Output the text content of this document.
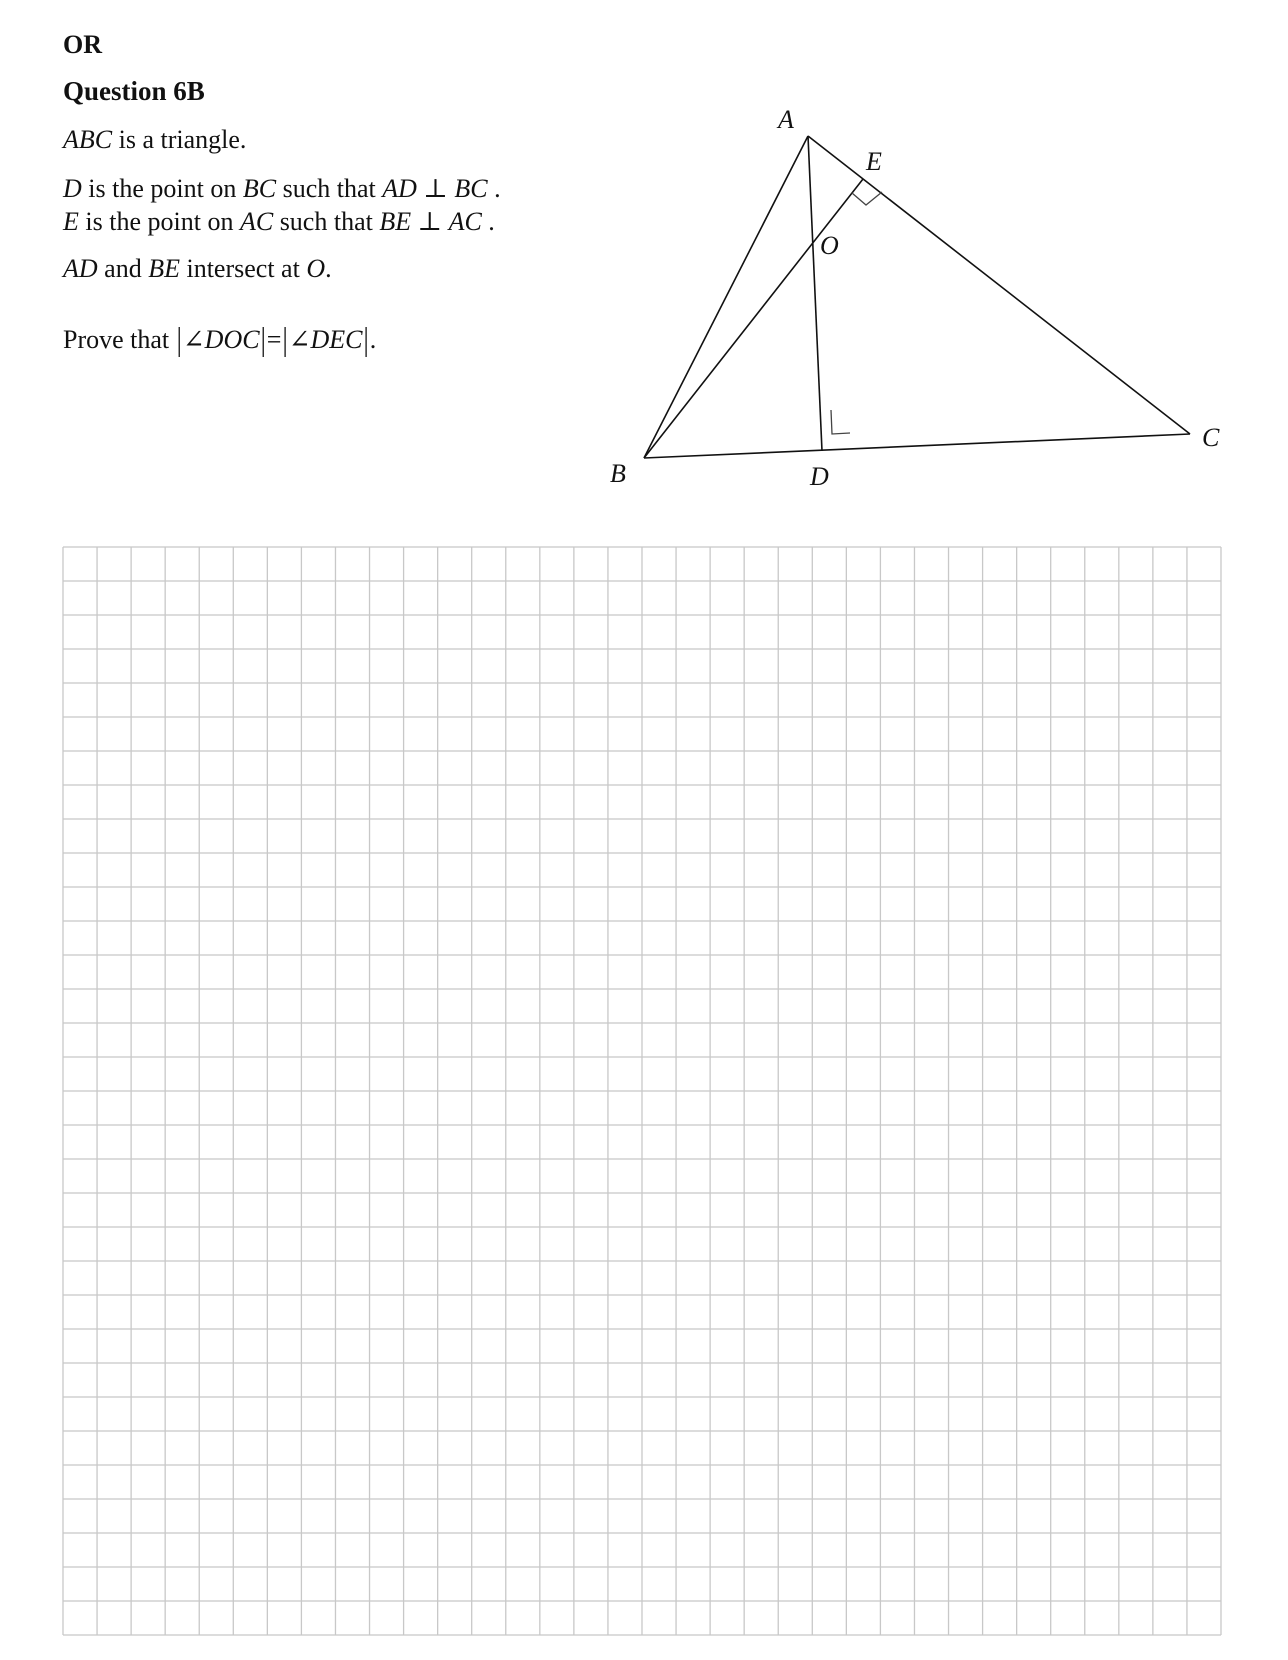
OR
Question 6B
ABC is a triangle.
D is the point on BC such that AD ⊥ BC .
E is the point on AC such that BE ⊥ AC .
AD and BE intersect at O.
Prove that |∠DOC|=|∠DEC|.
A
E
O
C
B	D
